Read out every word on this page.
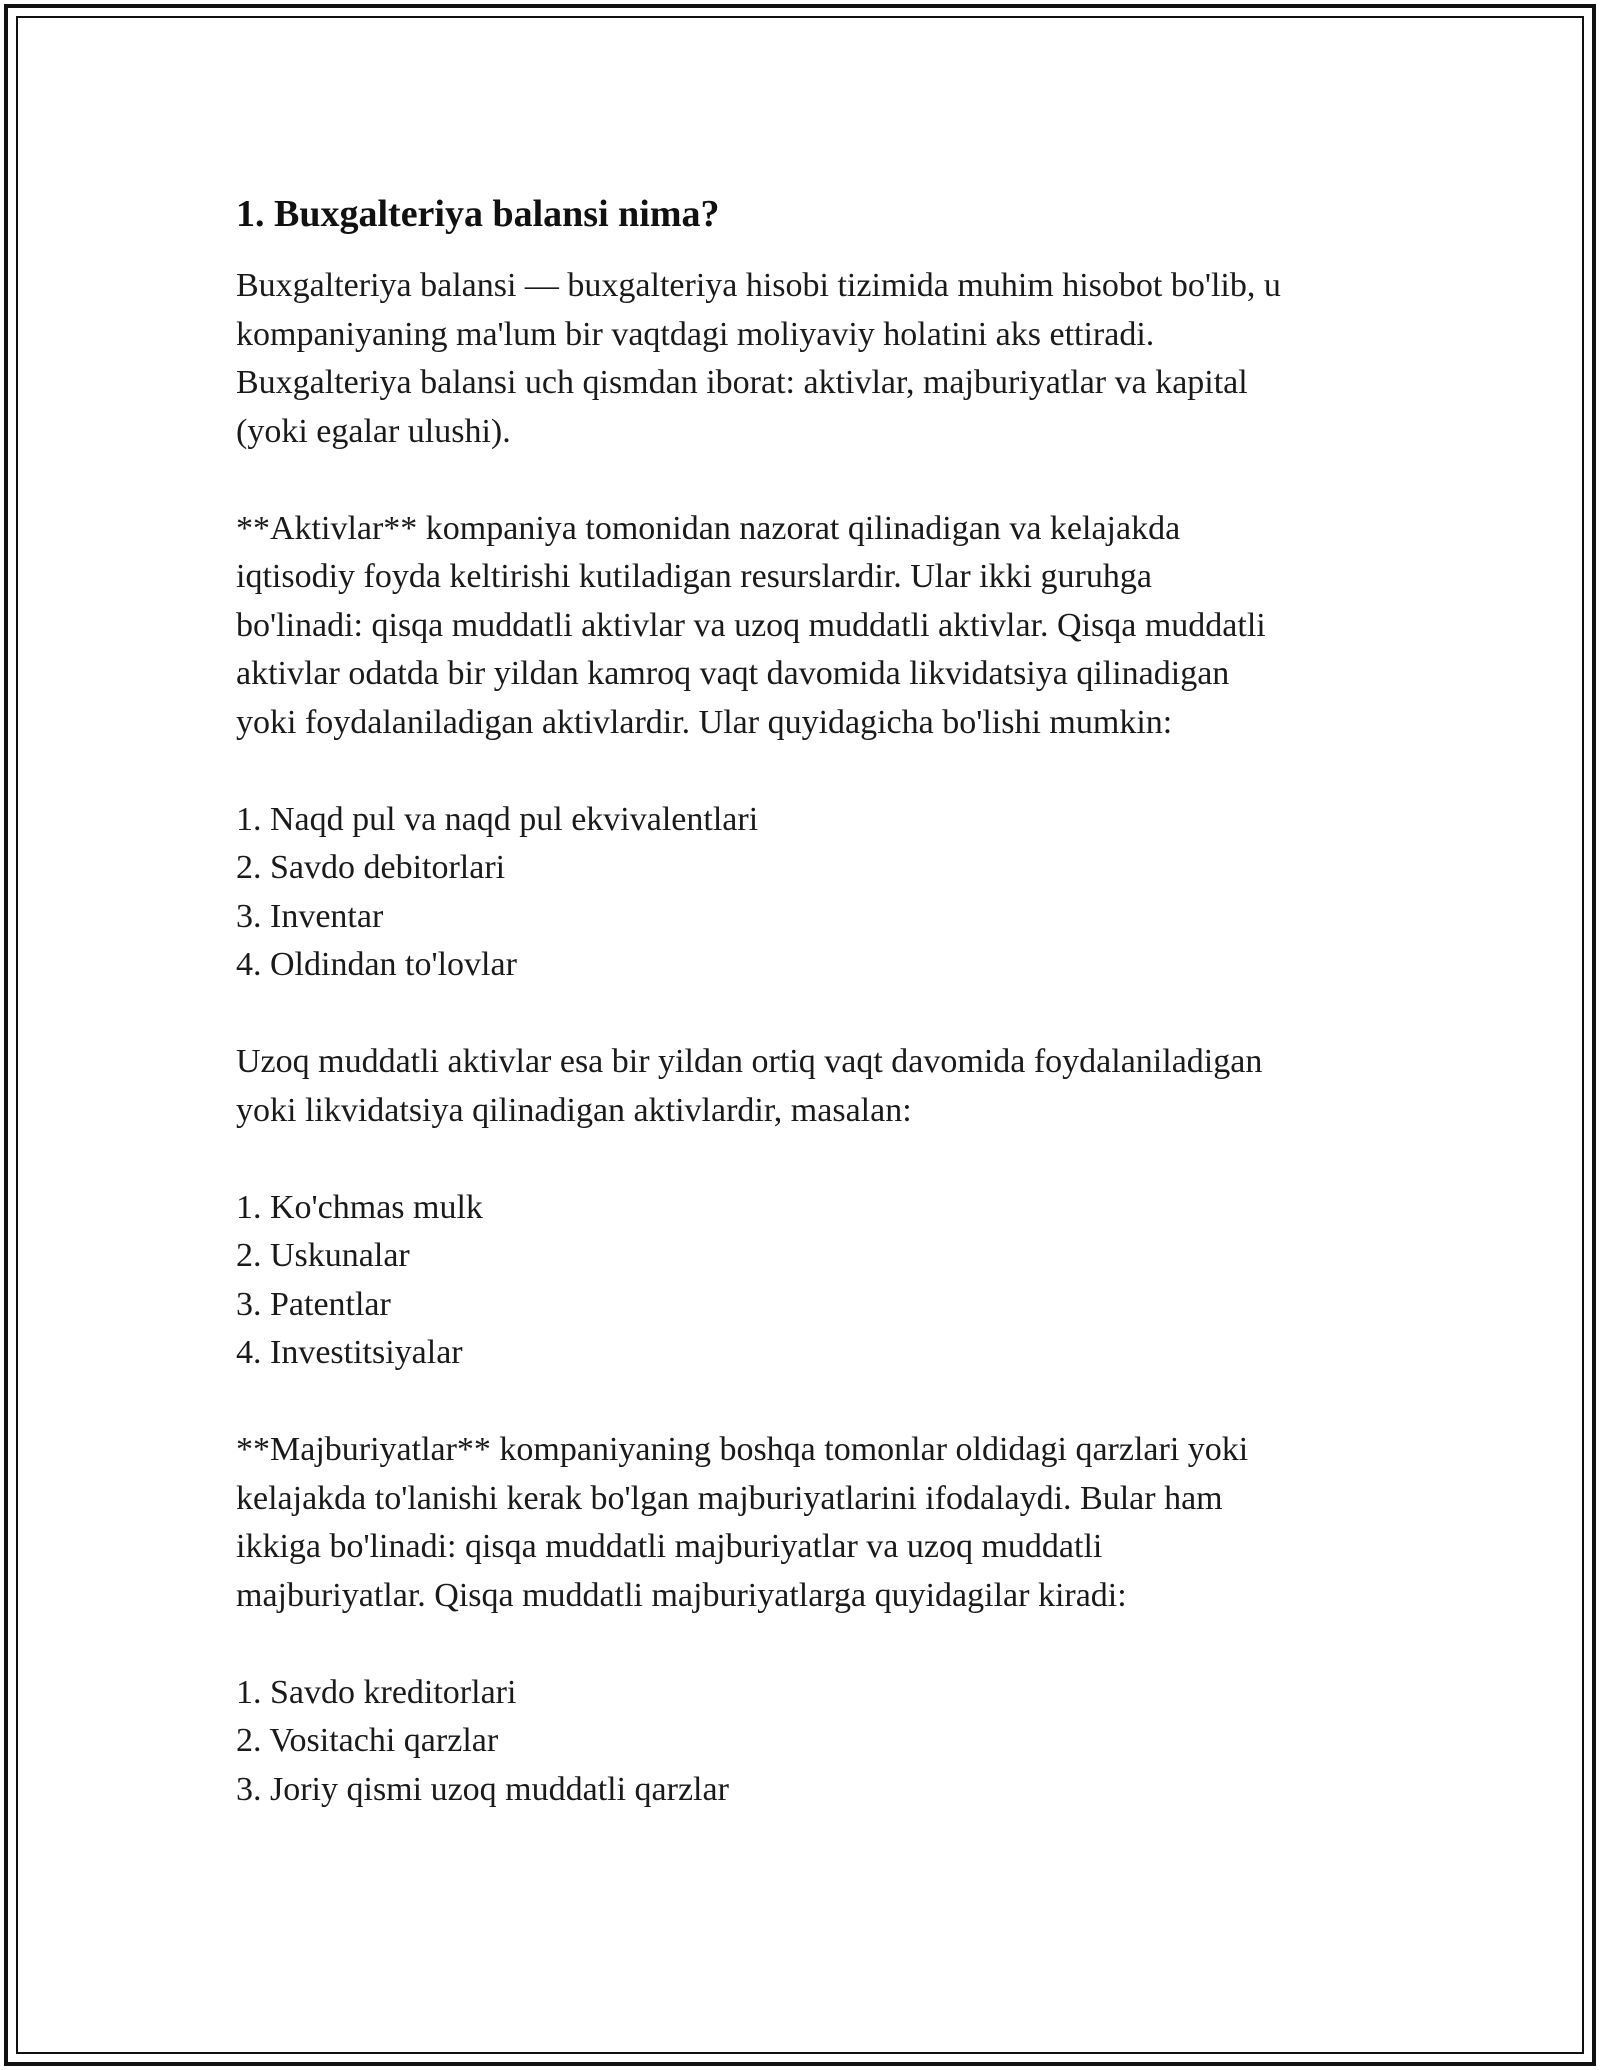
1. Buxgalteriya balansi nima?

Buxgalteriya balansi — buxgalteriya hisobi tizimida muhim hisobot bo'lib, u
kompaniyaning ma'lum bir vaqtdagi moliyaviy holatini aks ettiradi.
Buxgalteriya balansi uch qismdan iborat: aktivlar, majburiyatlar va kapital
(yoki egalar ulushi).

**Aktivlar** kompaniya tomonidan nazorat qilinadigan va kelajakda
iqtisodiy foyda keltirishi kutiladigan resurslardir. Ular ikki guruhga
bo'linadi: qisqa muddatli aktivlar va uzoq muddatli aktivlar. Qisqa muddatli
aktivlar odatda bir yildan kamroq vaqt davomida likvidatsiya qilinadigan
yoki foydalaniladigan aktivlardir. Ular quyidagicha bo'lishi mumkin:

1. Naqd pul va naqd pul ekvivalentlari
2. Savdo debitorlari
3. Inventar
4. Oldindan to'lovlar

Uzoq muddatli aktivlar esa bir yildan ortiq vaqt davomida foydalaniladigan
yoki likvidatsiya qilinadigan aktivlardir, masalan:

1. Ko'chmas mulk
2. Uskunalar
3. Patentlar
4. Investitsiyalar

**Majburiyatlar** kompaniyaning boshqa tomonlar oldidagi qarzlari yoki
kelajakda to'lanishi kerak bo'lgan majburiyatlarini ifodalaydi. Bular ham
ikkiga bo'linadi: qisqa muddatli majburiyatlar va uzoq muddatli
majburiyatlar. Qisqa muddatli majburiyatlarga quyidagilar kiradi:

1. Savdo kreditorlari
2. Vositachi qarzlar
3. Joriy qismi uzoq muddatli qarzlar
